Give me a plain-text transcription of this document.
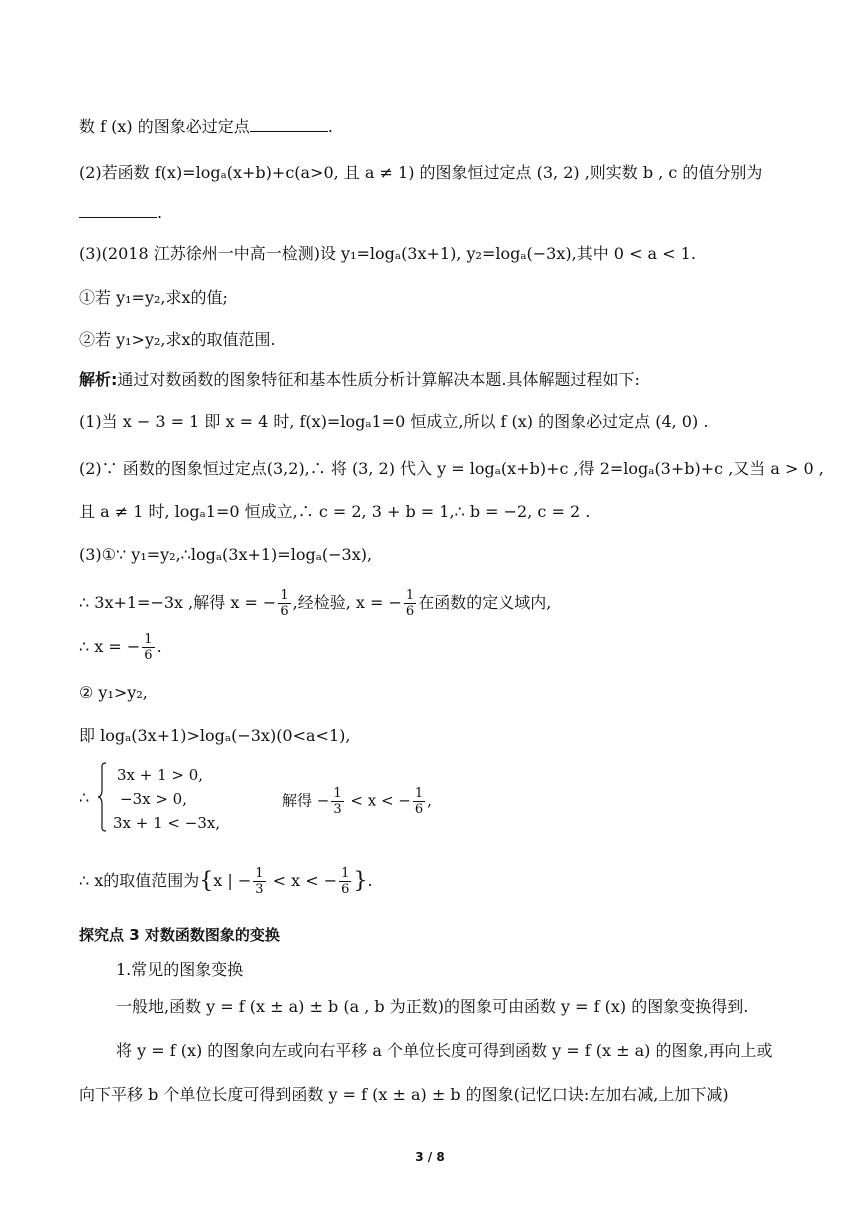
数 f (x) 的图象必过定点	.
(2)若函数 f(x)=logₐ(x+b)+c(a>0, 且 a ≠ 1) 的图象恒过定点 (3, 2) ,则实数 b , c 的值分别为
.
(3)(2018 江苏徐州一中高一检测)设 y₁=logₐ(3x+1), y₂=logₐ(−3x),其中 0 < a < 1.
①若 y₁=y₂,求x的值;
②若 y₁>y₂,求x的取值范围.
解析:通过对数函数的图象特征和基本性质分析计算解决本题.具体解题过程如下:
(1)当 x − 3 = 1 即 x = 4 时, f(x)=logₐ1=0 恒成立,所以 f (x) 的图象必过定点 (4, 0) .
(2)∵ 函数的图象恒过定点(3,2),∴ 将 (3, 2) 代入 y = logₐ(x+b)+c ,得 2=logₐ(3+b)+c ,又当 a > 0 ,
且 a ≠ 1 时, logₐ1=0 恒成立,∴ c = 2, 3 + b = 1,∴ b = −2, c = 2 .
(3)①∵ y₁=y₂,∴logₐ(3x+1)=logₐ(−3x),
∴ 3x+1=−3x ,解得 x = − $\frac{1}{6}$ ,经检验, x = − $\frac{1}{6}$ 在函数的定义域内,
∴ x = − $\frac{1}{6}$ .
② y₁>y₂,
即 logₐ(3x+1)>logₐ(−3x)(0<a<1),
∴
3x + 1 > 0,
−3x > 0,
3x + 1 < −3x,
解得 − $\frac{1}{3} < x$ < − $\frac{1}{6}$ ,
∴ x的取值范围为{x | − $\frac{1}{3} < x$ < − $\frac{1}{6}$ }.
探究点 3 对数函数图象的变换
1.常见的图象变换
一般地,函数 y = f (x ± a) ± b (a , b 为正数)的图象可由函数 y = f (x) 的图象变换得到.
将 y = f (x) 的图象向左或向右平移 a 个单位长度可得到函数 y = f (x ± a) 的图象,再向上或
向下平移 b 个单位长度可得到函数 y = f (x ± a) ± b 的图象(记忆口诀:左加右减,上加下减)
3 / 8
